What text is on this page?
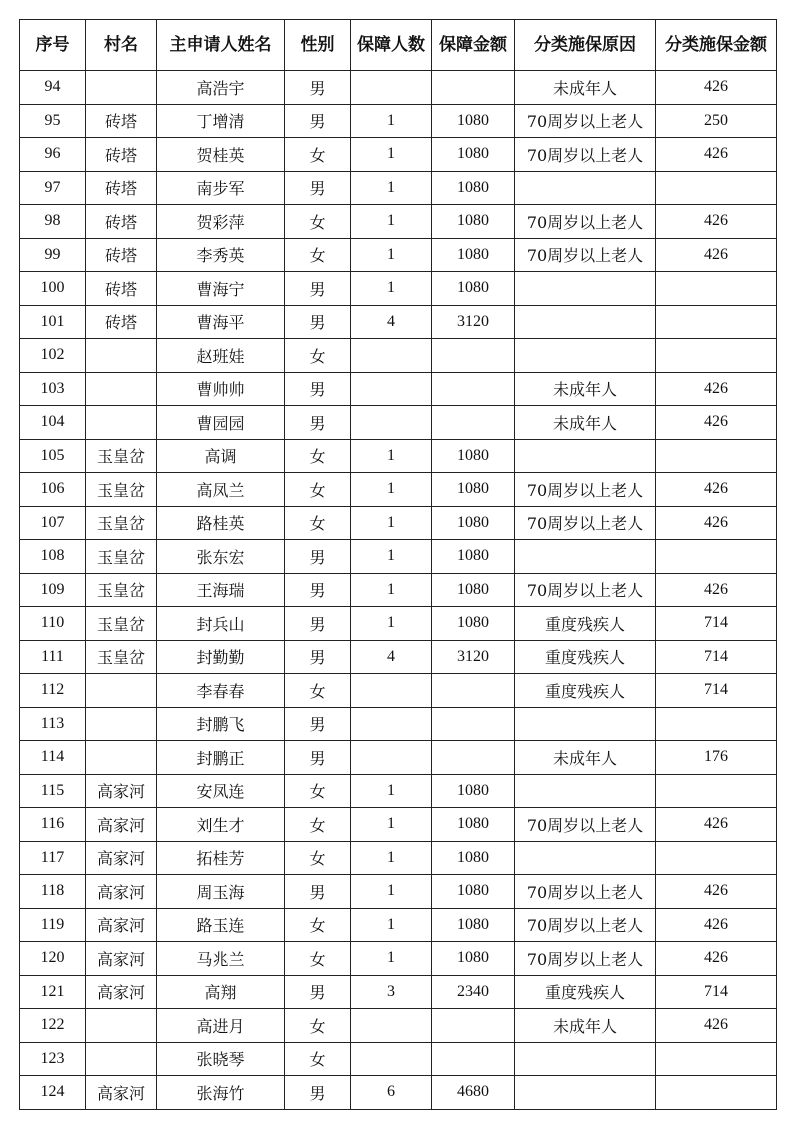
序号	村名	主申请人姓名	性别	保障人数	保障金额	分类施保原因	分类施保金额
94		高浩宇	男			未成年人	426
95	砖塔	丁增清	男	1	1080	70周岁以上老人	250
96	砖塔	贺桂英	女	1	1080	70周岁以上老人	426
97	砖塔	南步军	男	1	1080		
98	砖塔	贺彩萍	女	1	1080	70周岁以上老人	426
99	砖塔	李秀英	女	1	1080	70周岁以上老人	426
100	砖塔	曹海宁	男	1	1080		
101	砖塔	曹海平	男	4	3120		
102		赵班娃	女				
103		曹帅帅	男			未成年人	426
104		曹园园	男			未成年人	426
105	玉皇岔	高调	女	1	1080		
106	玉皇岔	高凤兰	女	1	1080	70周岁以上老人	426
107	玉皇岔	路桂英	女	1	1080	70周岁以上老人	426
108	玉皇岔	张东宏	男	1	1080		
109	玉皇岔	王海瑞	男	1	1080	70周岁以上老人	426
110	玉皇岔	封兵山	男	1	1080	重度残疾人	714
111	玉皇岔	封勤勤	男	4	3120	重度残疾人	714
112		李春春	女			重度残疾人	714
113		封鹏飞	男				
114		封鹏正	男			未成年人	176
115	高家河	安凤连	女	1	1080		
116	高家河	刘生才	女	1	1080	70周岁以上老人	426
117	高家河	拓桂芳	女	1	1080		
118	高家河	周玉海	男	1	1080	70周岁以上老人	426
119	高家河	路玉连	女	1	1080	70周岁以上老人	426
120	高家河	马兆兰	女	1	1080	70周岁以上老人	426
121	高家河	高翔	男	3	2340	重度残疾人	714
122		高进月	女			未成年人	426
123		张晓琴	女				
124	高家河	张海竹	男	6	4680		
